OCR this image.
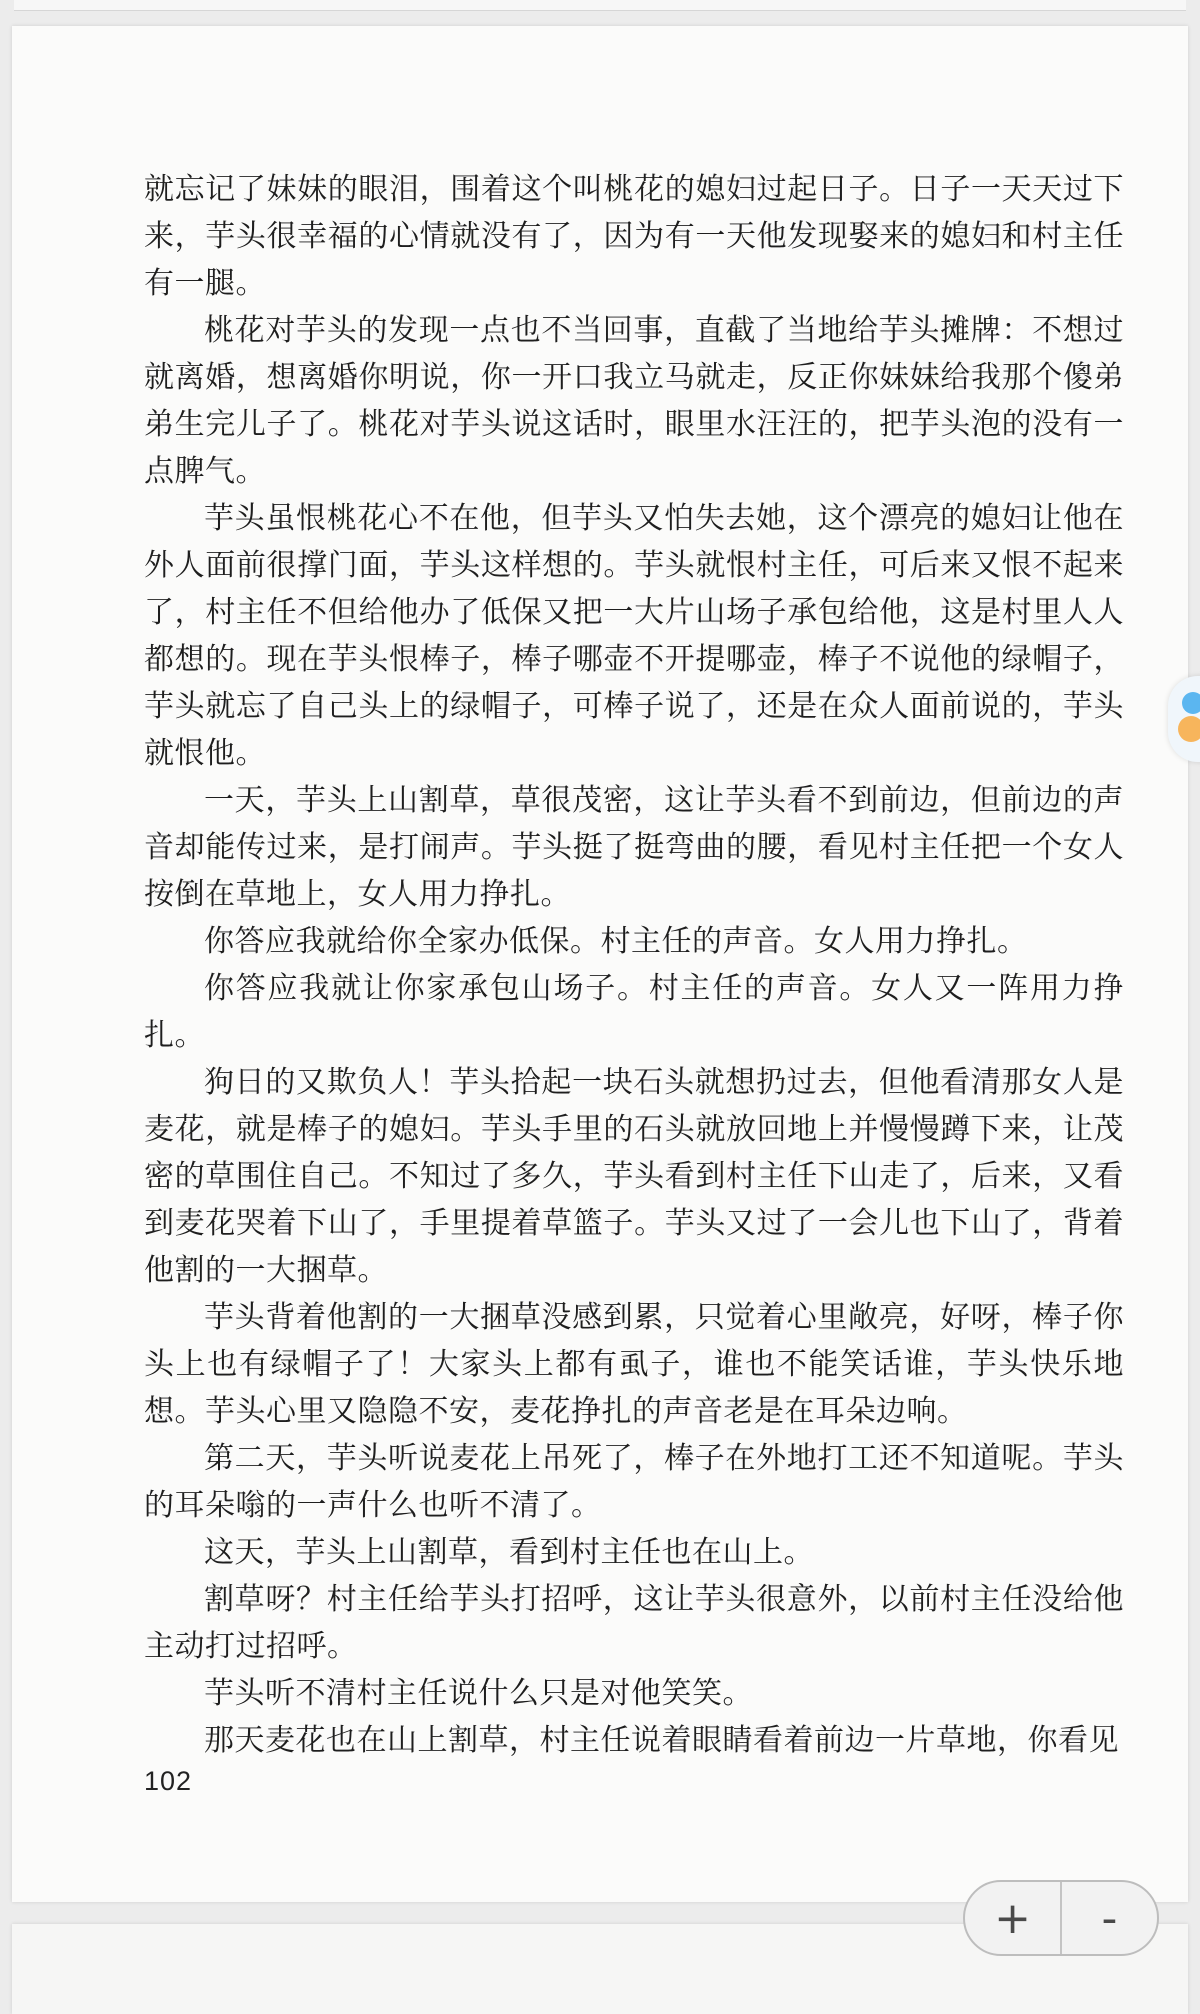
就忘记了妹妹的眼泪，围着这个叫桃花的媳妇过起日子。日子一天天过下来，芋头很幸福的心情就没有了，因为有一天他发现娶来的媳妇和村主任有一腿。

桃花对芋头的发现一点也不当回事，直截了当地给芋头摊牌：不想过就离婚，想离婚你明说，你一开口我立马就走，反正你妹妹给我那个傻弟弟生完儿子了。桃花对芋头说这话时，眼里水汪汪的，把芋头泡的没有一点脾气。

芋头虽恨桃花心不在他，但芋头又怕失去她，这个漂亮的媳妇让他在外人面前很撑门面，芋头这样想的。芋头就恨村主任，可后来又恨不起来了，村主任不但给他办了低保又把一大片山场子承包给他，这是村里人人都想的。现在芋头恨棒子，棒子哪壶不开提哪壶，棒子不说他的绿帽子，芋头就忘了自己头上的绿帽子，可棒子说了，还是在众人面前说的，芋头就恨他。

一天，芋头上山割草，草很茂密，这让芋头看不到前边，但前边的声音却能传过来，是打闹声。芋头挺了挺弯曲的腰，看见村主任把一个女人按倒在草地上，女人用力挣扎。

你答应我就给你全家办低保。村主任的声音。女人用力挣扎。

你答应我就让你家承包山场子。村主任的声音。女人又一阵用力挣扎。

狗日的又欺负人！芋头拾起一块石头就想扔过去，但他看清那女人是麦花，就是棒子的媳妇。芋头手里的石头就放回地上并慢慢蹲下来，让茂密的草围住自己。不知过了多久，芋头看到村主任下山走了，后来，又看到麦花哭着下山了，手里提着草篮子。芋头又过了一会儿也下山了，背着他割的一大捆草。

芋头背着他割的一大捆草没感到累，只觉着心里敞亮，好呀，棒子你头上也有绿帽子了！大家头上都有虱子，谁也不能笑话谁，芋头快乐地想。芋头心里又隐隐不安，麦花挣扎的声音老是在耳朵边响。

第二天，芋头听说麦花上吊死了，棒子在外地打工还不知道呢。芋头的耳朵嗡的一声什么也听不清了。

这天，芋头上山割草，看到村主任也在山上。

割草呀？村主任给芋头打招呼，这让芋头很意外，以前村主任没给他主动打过招呼。

芋头听不清村主任说什么只是对他笑笑。

那天麦花也在山上割草，村主任说着眼睛看着前边一片草地，你看见

102
+	-
